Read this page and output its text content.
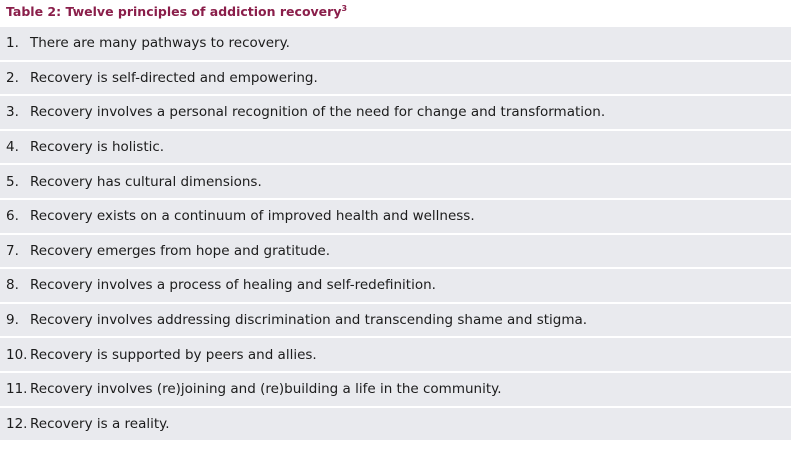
Table 2: Twelve principles of addiction recovery$^3$
1. There are many pathways to recovery.
2. Recovery is self-directed and empowering.
3. Recovery involves a personal recognition of the need for change and transformation.
4. Recovery is holistic.
5. Recovery has cultural dimensions.
6. Recovery exists on a continuum of improved health and wellness.
7. Recovery emerges from hope and gratitude.
8. Recovery involves a process of healing and self-redefinition.
9. Recovery involves addressing discrimination and transcending shame and stigma.
10. Recovery is supported by peers and allies.
11. Recovery involves (re)joining and (re)building a life in the community.
12. Recovery is a reality.
